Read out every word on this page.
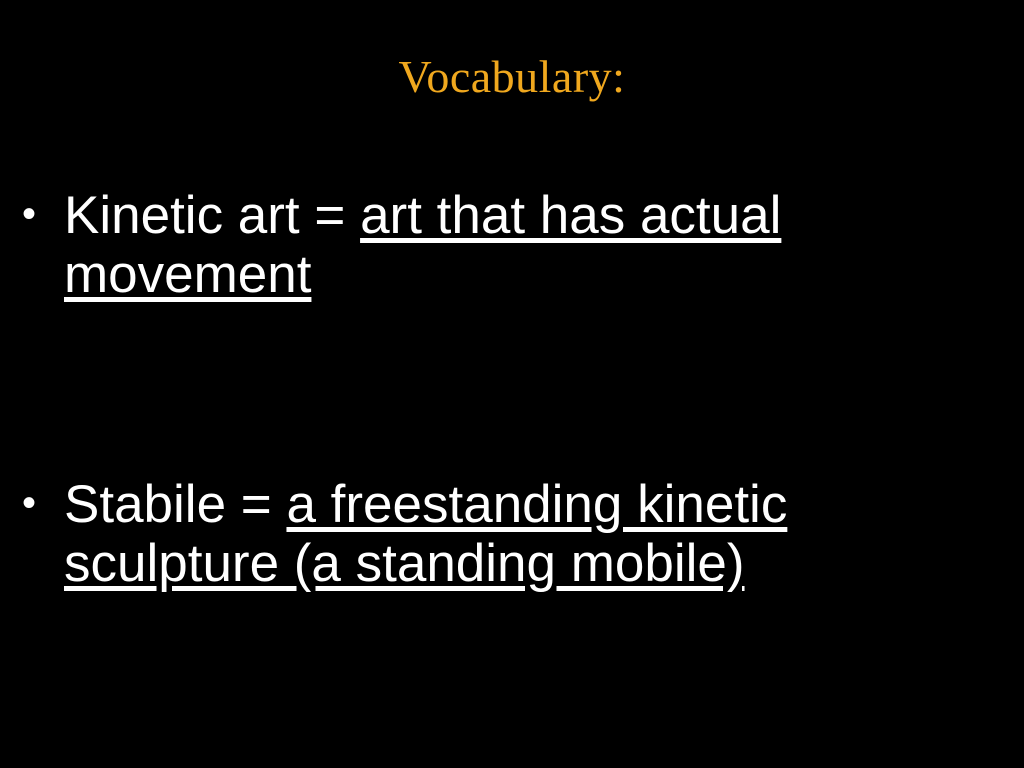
Vocabulary:
• Kinetic art = art that has actual movement
• Stabile = a freestanding kinetic sculpture (a standing mobile)
